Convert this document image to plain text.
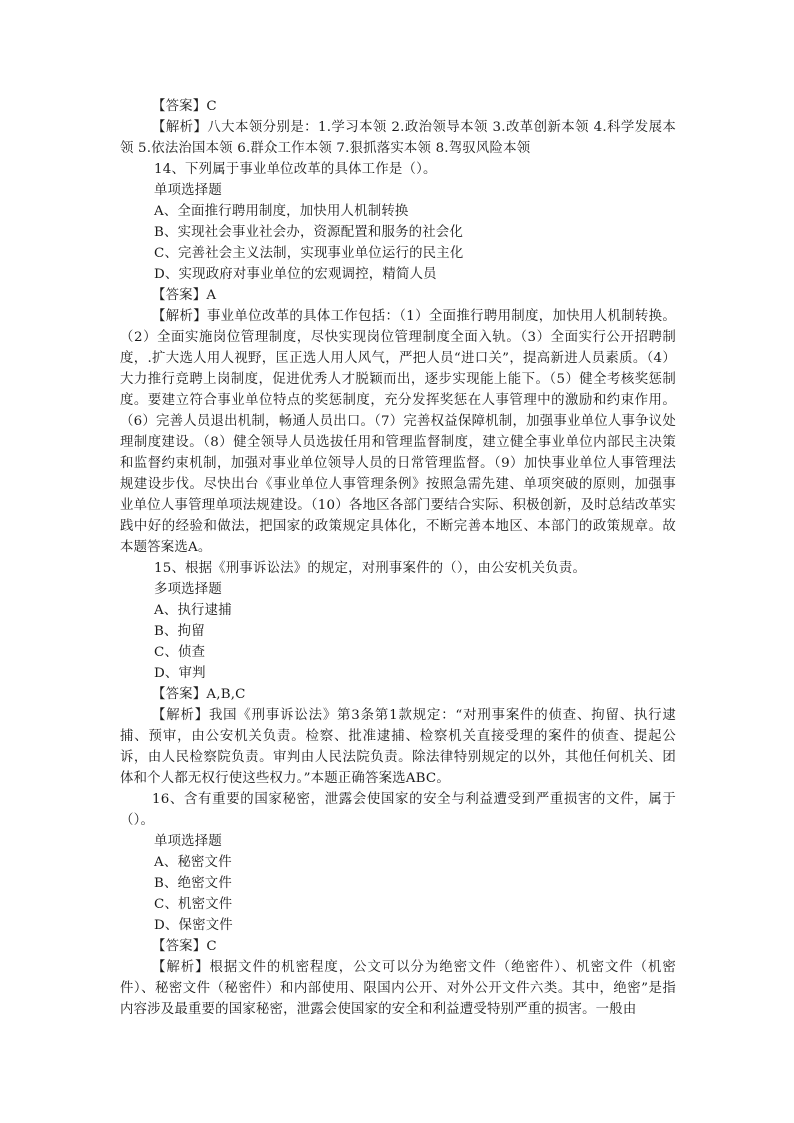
【答案】C
【解析】八大本领分别是：1.学习本领 2.政治领导本领 3.改革创新本领 4.科学发展本领 5.依法治国本领 6.群众工作本领 7.狠抓落实本领 8.驾驭风险本领
14、下列属于事业单位改革的具体工作是（）。
单项选择题
A、全面推行聘用制度，加快用人机制转换
B、实现社会事业社会办，资源配置和服务的社会化
C、完善社会主义法制，实现事业单位运行的民主化
D、实现政府对事业单位的宏观调控，精简人员
【答案】A
【解析】事业单位改革的具体工作包括：（1）全面推行聘用制度，加快用人机制转换。（2）全面实施岗位管理制度，尽快实现岗位管理制度全面入轨。（3）全面实行公开招聘制度，.扩大选人用人视野，匡正选人用人风气，严把人员“进口关”，提高新进人员素质。（4）大力推行竞聘上岗制度，促进优秀人才脱颖而出，逐步实现能上能下。（5）健全考核奖惩制度。要建立符合事业单位特点的奖惩制度，充分发挥奖惩在人事管理中的激励和约束作用。（6）完善人员退出机制，畅通人员出口。（7）完善权益保障机制，加强事业单位人事争议处理制度建设。（8）健全领导人员选拔任用和管理监督制度，建立健全事业单位内部民主决策和监督约束机制，加强对事业单位领导人员的日常管理监督。（9）加快事业单位人事管理法规建设步伐。尽快出台《事业单位人事管理条例》按照急需先建、单项突破的原则，加强事业单位人事管理单项法规建设。（10）各地区各部门要结合实际、积极创新，及时总结改革实践中好的经验和做法，把国家的政策规定具体化，不断完善本地区、本部门的政策规章。故本题答案选A。
15、根据《刑事诉讼法》的规定，对刑事案件的（），由公安机关负责。
多项选择题
A、执行逮捕
B、拘留
C、侦查
D、审判
【答案】A,B,C
【解析】我国《刑事诉讼法》第3条第1款规定：“对刑事案件的侦查、拘留、执行逮捕、预审，由公安机关负责。检察、批准逮捕、检察机关直接受理的案件的侦查、提起公诉，由人民检察院负责。审判由人民法院负责。除法律特别规定的以外，其他任何机关、团体和个人都无权行使这些权力。”本题正确答案选ABC。
16、含有重要的国家秘密，泄露会使国家的安全与利益遭受到严重损害的文件，属于（）。
单项选择题
A、秘密文件
B、绝密文件
C、机密文件
D、保密文件
【答案】C
【解析】根据文件的机密程度，公文可以分为绝密文件（绝密件）、机密文件（机密件）、秘密文件（秘密件）和内部使用、限国内公开、对外公开文件六类。其中，绝密”是指内容涉及最重要的国家秘密，泄露会使国家的安全和利益遭受特别严重的损害。一般由
